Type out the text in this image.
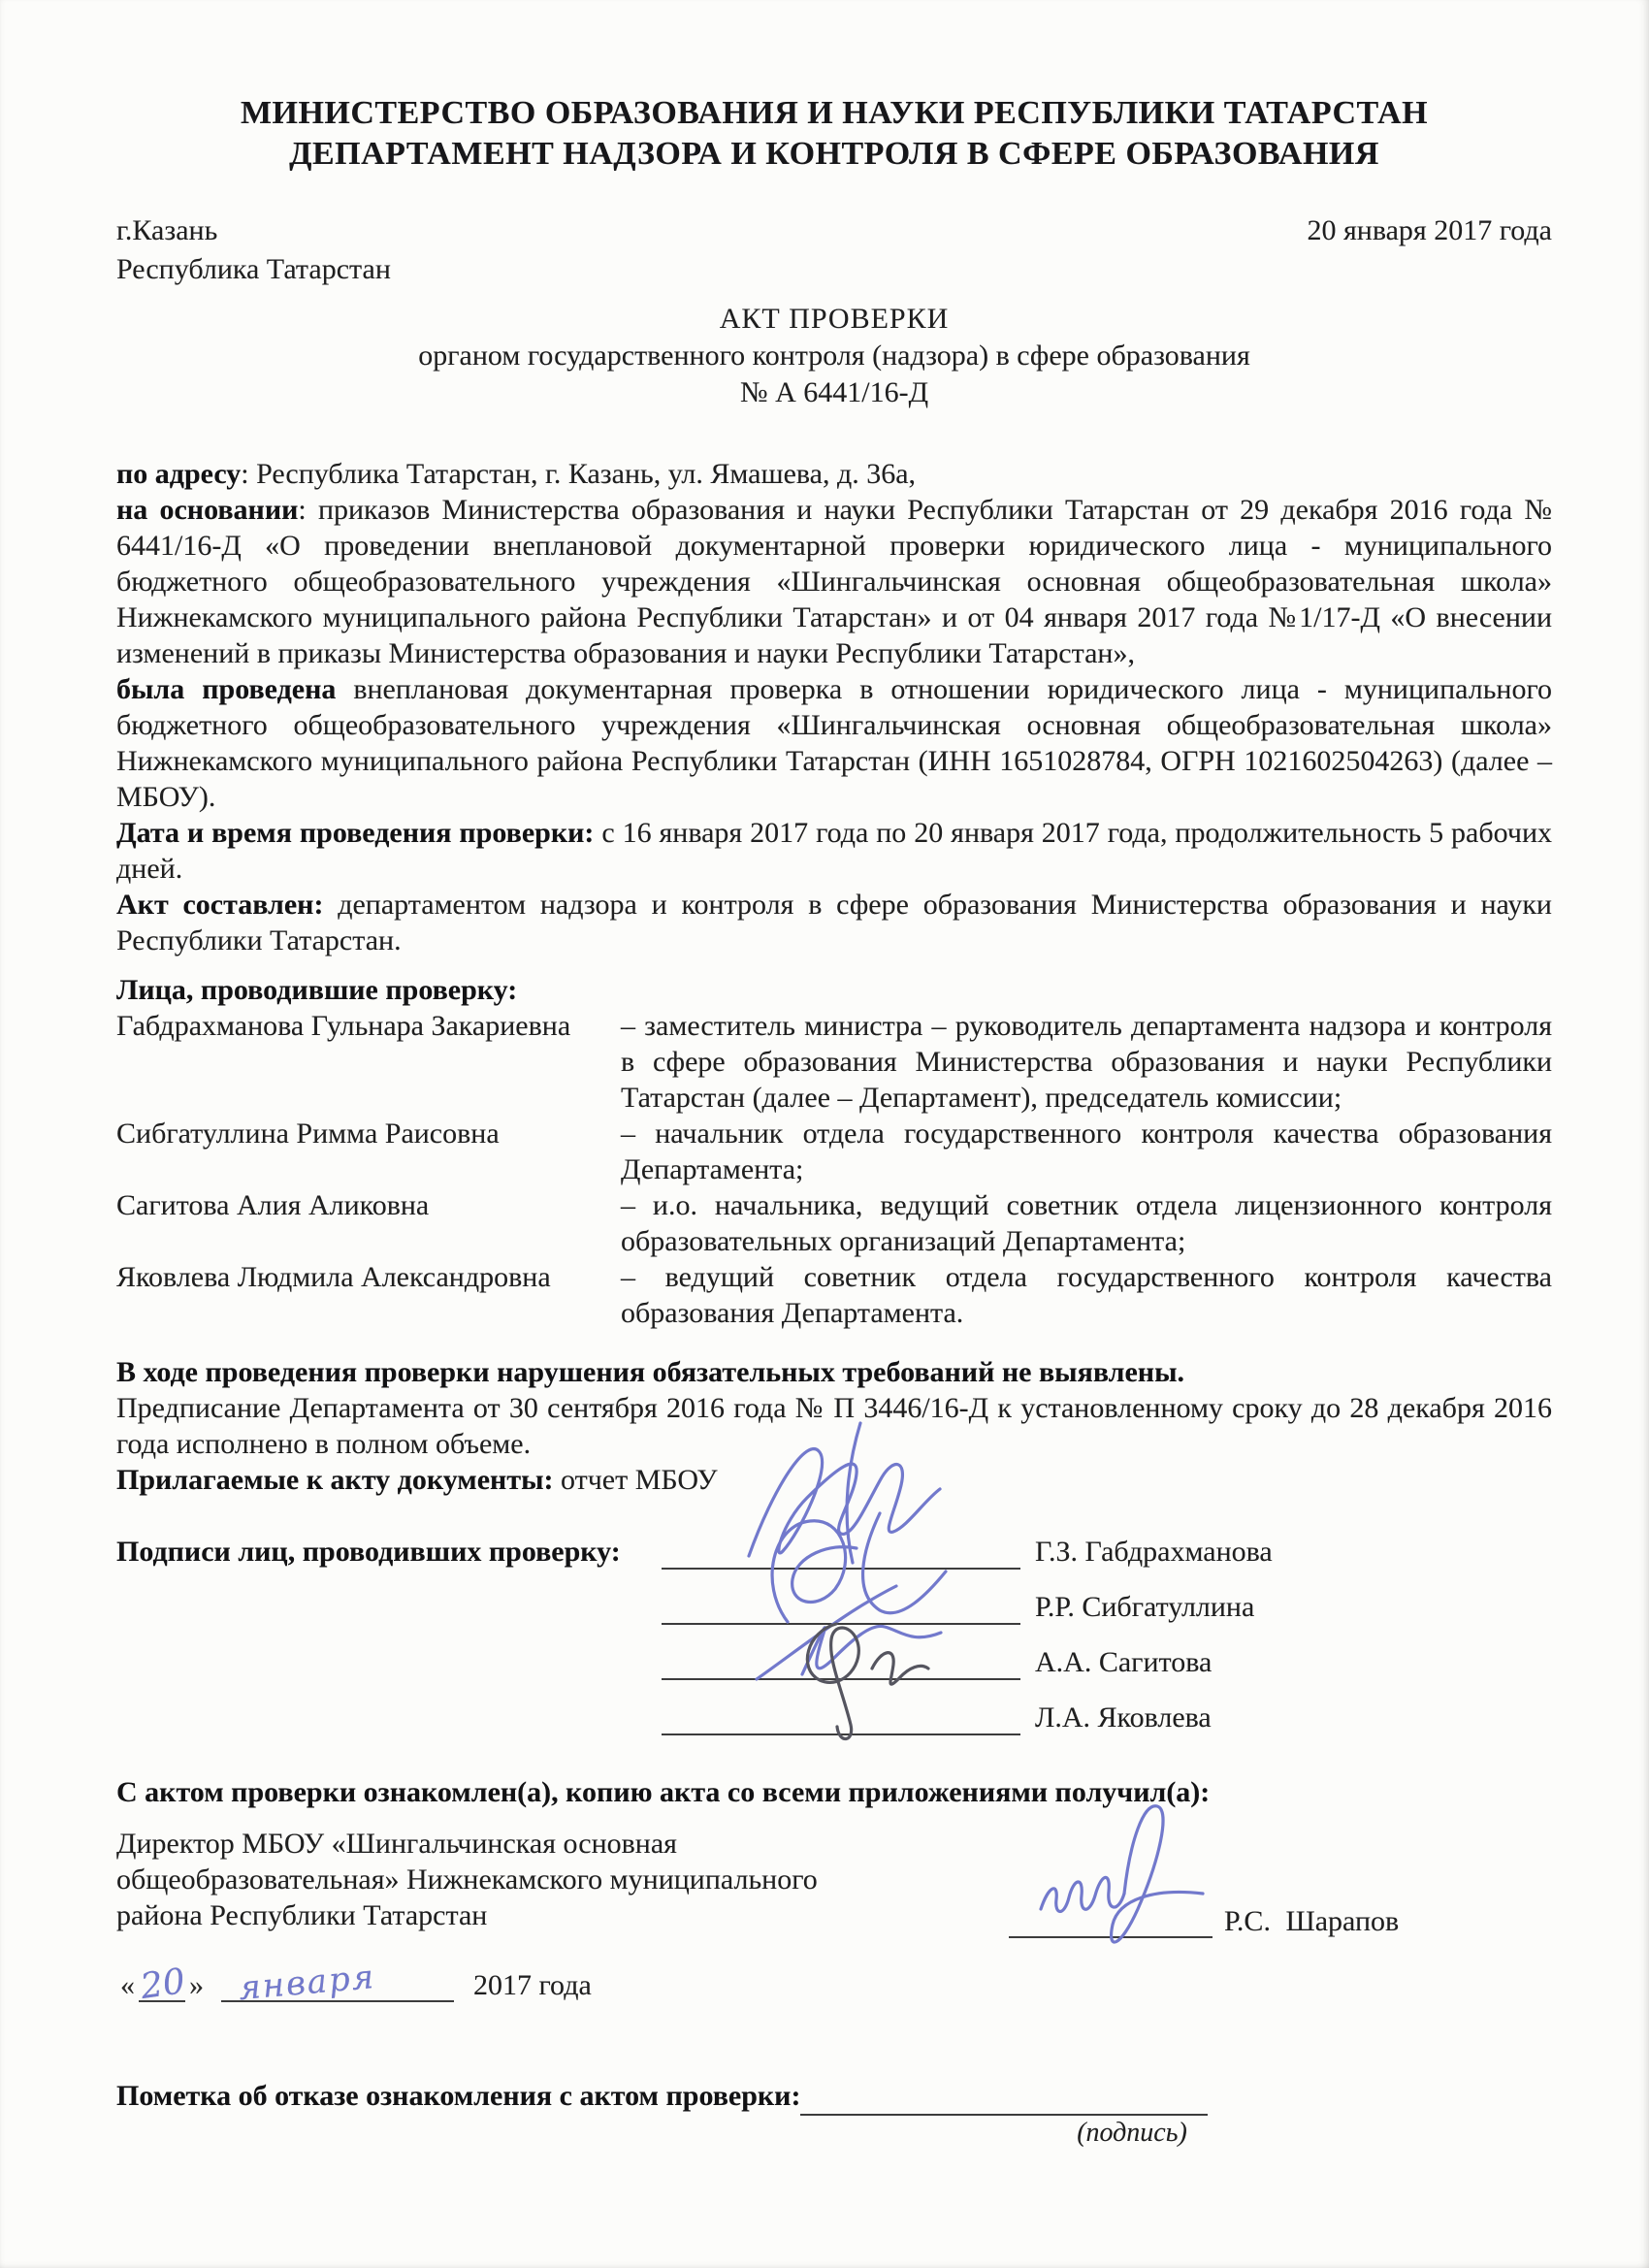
МИНИСТЕРСТВО ОБРАЗОВАНИЯ И НАУКИ РЕСПУБЛИКИ ТАТАРСТАН
ДЕПАРТАМЕНТ НАДЗОРА И КОНТРОЛЯ В СФЕРЕ ОБРАЗОВАНИЯ
г.Казань
Республика Татарстан
20 января 2017 года
АКТ ПРОВЕРКИ
органом государственного контроля (надзора) в сфере образования
№ А 6441/16-Д

по адресу: Республика Татарстан, г. Казань, ул. Ямашева, д. 36а,

на основании: приказов Министерства образования и науки Республики Татарстан от 29 декабря 2016 года № 6441/16-Д «О проведении внеплановой документарной проверки юридического лица - муниципального бюджетного общеобразовательного учреждения «Шингальчинская основная общеобразовательная школа» Нижнекамского муниципального района Республики Татарстан» и от 04 января 2017 года №1/17-Д «О внесении изменений в приказы Министерства образования и науки Республики Татарстан»,

была проведена внеплановая документарная проверка в отношении юридического лица - муниципального бюджетного общеобразовательного учреждения «Шингальчинская основная общеобразовательная школа» Нижнекамского муниципального района Республики Татарстан (ИНН 1651028784, ОГРН 1021602504263) (далее – МБОУ).

Дата и время проведения проверки: с 16 января 2017 года по 20 января 2017 года, продолжительность 5 рабочих дней.

Акт составлен: департаментом надзора и контроля в сфере образования Министерства образования и науки Республики Татарстан.

Лица, проводившие проверку:
Габдрахманова Гульнара Закариевна	– заместитель министра – руководитель департамента надзора и контроля в сфере образования Министерства образования и науки Республики Татарстан (далее – Департамент), председатель комиссии;
Сибгатуллина Римма Раисовна	– начальник отдела государственного контроля качества образования Департамента;
Сагитова Алия Аликовна	– и.о. начальника, ведущий советник отдела лицензионного контроля образовательных организаций Департамента;
Яковлева Людмила Александровна	– ведущий советник отдела государственного контроля качества образования Департамента.

В ходе проведения проверки нарушения обязательных требований не выявлены.

Предписание Департамента от 30 сентября 2016 года № П 3446/16-Д к установленному сроку до 28 декабря 2016 года исполнено в полном объеме.

Прилагаемые к акту документы: отчет МБОУ

Подписи лиц, проводивших проверку:	Г.З. Габдрахманова
Р.Р. Сибгатуллина
А.А. Сагитова
Л.А. Яковлева
С актом проверки ознакомлен(а), копию акта со всеми приложениями получил(а):
Директор МБОУ «Шингальчинская основная
общеобразовательная» Нижнекамского муниципального
района Республики Татарстан	Р.С. Шарапов
« 20 » января	2017 года
Пометка об отказе ознакомления с актом проверки:
(подпись)
